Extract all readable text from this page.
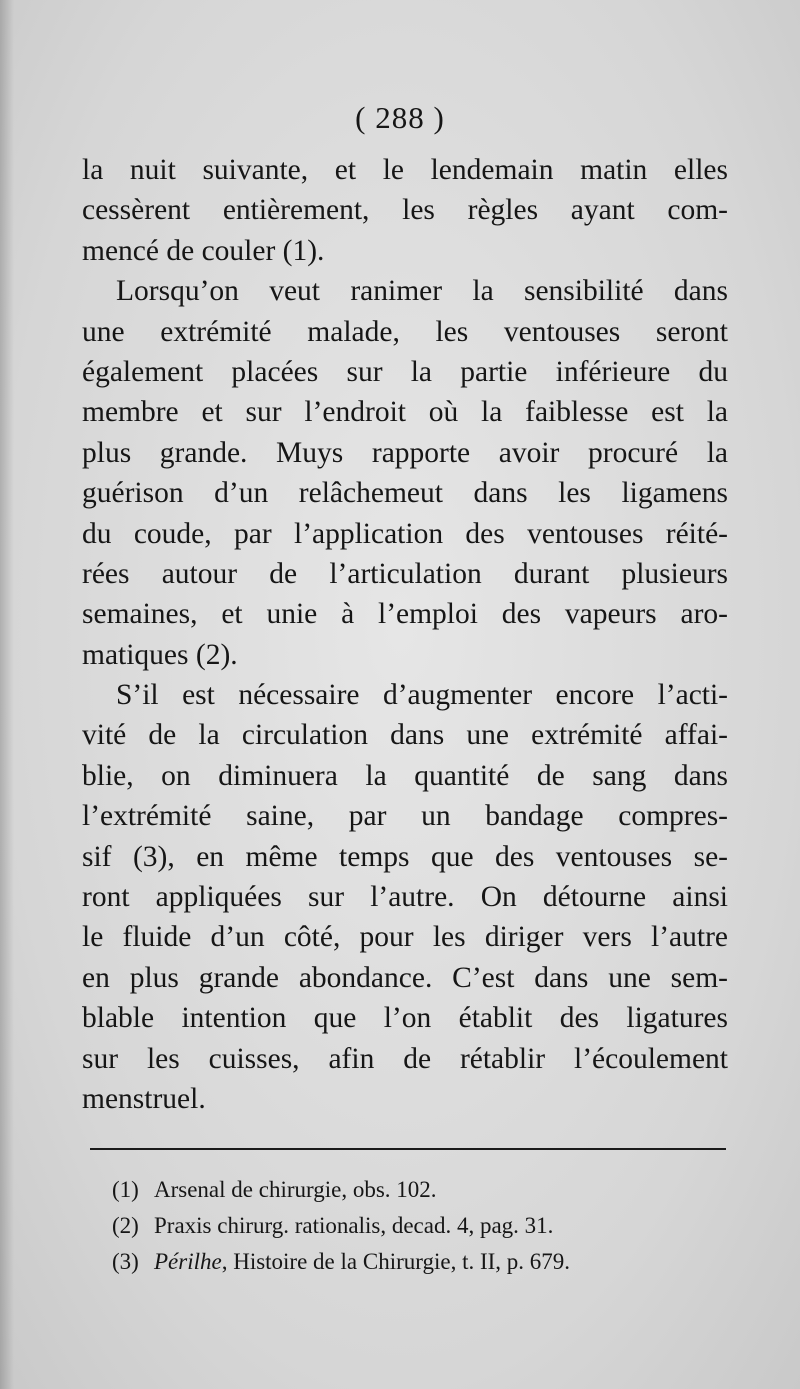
( 288 )
la nuit suivante, et le lendemain matin elles
cessèrent entièrement, les règles ayant com-
mencé de couler (1).
Lorsqu’on veut ranimer la sensibilité dans
une extrémité malade, les ventouses seront
également placées sur la partie inférieure du
membre et sur l’endroit où la faiblesse est la
plus grande. Muys rapporte avoir procuré la
guérison d’un relâchemeut dans les ligamens
du coude, par l’application des ventouses réité-
rées autour de l’articulation durant plusieurs
semaines, et unie à l’emploi des vapeurs aro-
matiques (2).
S’il est nécessaire d’augmenter encore l’acti-
vité de la circulation dans une extrémité affai-
blie, on diminuera la quantité de sang dans
l’extrémité saine, par un bandage compres-
sif (3), en même temps que des ventouses se-
ront appliquées sur l’autre. On détourne ainsi
le fluide d’un côté, pour les diriger vers l’autre
en plus grande abondance. C’est dans une sem-
blable intention que l’on établit des ligatures
sur les cuisses, afin de rétablir l’écoulement
menstruel.
(1) Arsenal de chirurgie, obs. 102.
(2) Praxis chirurg. rationalis, decad. 4, pag. 31.
(3) Périlhe, Histoire de la Chirurgie, t. II, p. 679.
